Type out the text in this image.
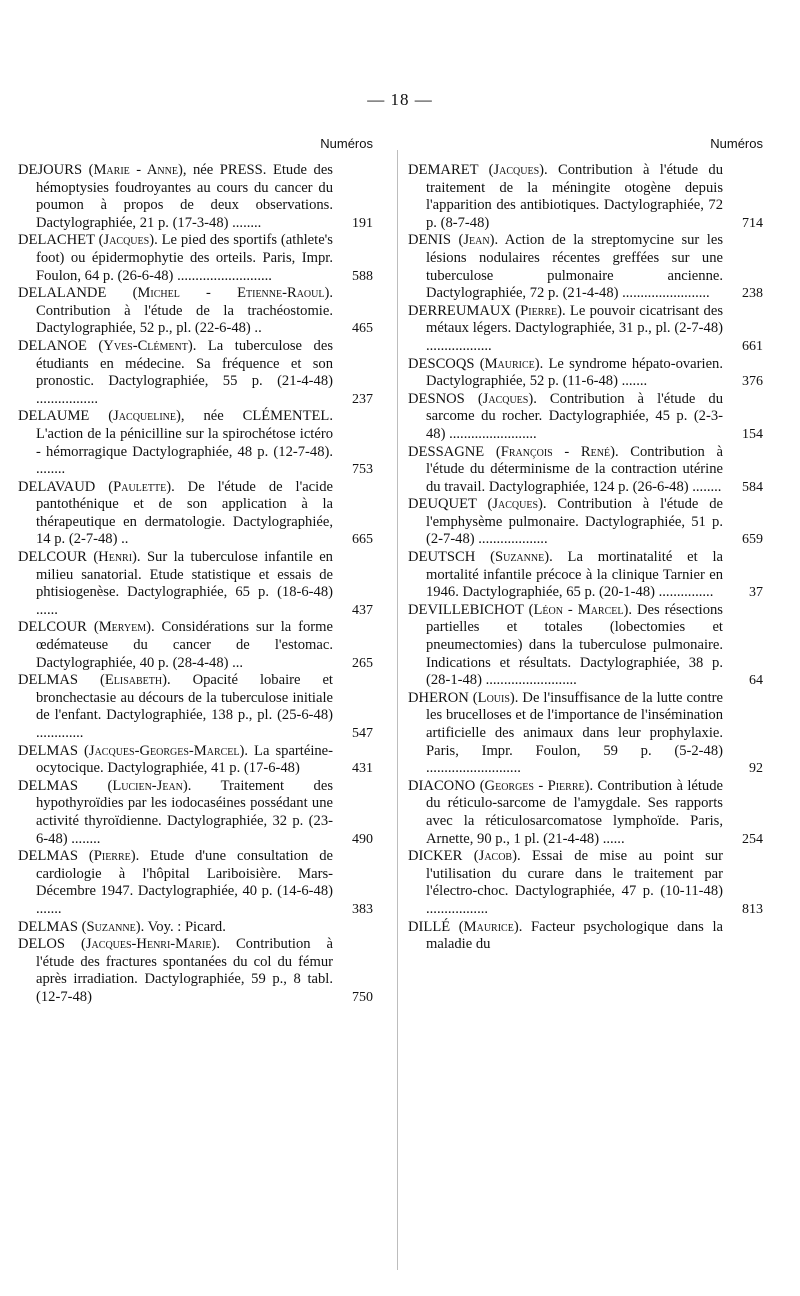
— 18 —
Numéros
DEJOURS (Marie - Anne), née PRESS. Etude des hémoptysies foudroyantes au cours du cancer du poumon à propos de deux observations. Dactylographiée, 21 p. (17-3-48) ........	191
DELACHET (Jacques). Le pied des sportifs (athlete's foot) ou épidermophytie des orteils. Paris, Impr. Foulon, 64 p. (26-6-48) ..........................	588
DELALANDE (Michel - Etienne-Raoul). Contribution à l'étude de la trachéostomie. Dactylographiée, 52 p., pl. (22-6-48) ..	465
DELANOE (Yves-Clément). La tuberculose des étudiants en médecine. Sa fréquence et son pronostic. Dactylographiée, 55 p. (21-4-48) .................	237
DELAUME (Jacqueline), née CLÉMENTEL. L'action de la pénicilline sur la spirochétose ictéro - hémorragique Dactylographiée, 48 p. (12-7-48). ........	753
DELAVAUD (Paulette). De l'étude de l'acide pantothénique et de son application à la thérapeutique en dermatologie. Dactylographiée, 14 p. (2-7-48) ..	665
DELCOUR (Henri). Sur la tuberculose infantile en milieu sanatorial. Etude statistique et essais de phtisiogenèse. Dactylographiée, 65 p. (18-6-48) ......	437
DELCOUR (Meryem). Considérations sur la forme œdémateuse du cancer de l'estomac. Dactylographiée, 40 p. (28-4-48) ...	265
DELMAS (Elisabeth). Opacité lobaire et bronchectasie au décours de la tuberculose initiale de l'enfant. Dactylographiée, 138 p., pl. (25-6-48) .............	547
DELMAS (Jacques-Georges-Marcel). La spartéine-ocytocique. Dactylographiée, 41 p. (17-6-48)	431
DELMAS (Lucien-Jean). Traitement des hypothyroïdies par les iodocaséines possédant une activité thyroïdienne. Dactylographiée, 32 p. (23-6-48) ........	490
DELMAS (Pierre). Etude d'une consultation de cardiologie à l'hôpital Lariboisière. Mars-Décembre 1947. Dactylographiée, 40 p. (14-6-48) .......	383
DELMAS (Suzanne). Voy. : Picard.
DELOS (Jacques-Henri-Marie). Contribution à l'étude des fractures spontanées du col du fémur après irradiation. Dactylographiée, 59 p., 8 tabl. (12-7-48)	750
Numéros
DEMARET (Jacques). Contribution à l'étude du traitement de la méningite otogène depuis l'apparition des antibiotiques. Dactylographiée, 72 p. (8-7-48)	714
DENIS (Jean). Action de la streptomycine sur les lésions nodulaires récentes greffées sur une tuberculose pulmonaire ancienne. Dactylographiée, 72 p. (21-4-48) ........................ 238
DERREUMAUX (Pierre). Le pouvoir cicatrisant des métaux légers. Dactylographiée, 31 p., pl. (2-7-48) ..................	661
DESCOQS (Maurice). Le syndrome hépato-ovarien. Dactylographiée, 52 p. (11-6-48) .......	376
DESNOS (Jacques). Contribution à l'étude du sarcome du rocher. Dactylographiée, 45 p. (2-3-48) ........................	154
DESSAGNE (François - René). Contribution à l'étude du déterminisme de la contraction utérine du travail. Dactylographiée, 124 p. (26-6-48) ........ 584
DEUQUET (Jacques). Contribution à l'étude de l'emphysème pulmonaire. Dactylographiée, 51 p. (2-7-48) ...................	659
DEUTSCH (Suzanne). La mortinatalité et la mortalité infantile précoce à la clinique Tarnier en 1946. Dactylographiée, 65 p. (20-1-48) ...............	37
DEVILLEBICHOT (Léon - Marcel). Des résections partielles et totales (lobectomies et pneumectomies) dans la tuberculose pulmonaire. Indications et résultats. Dactylographiée, 38 p. (28-1-48) .........................	64
DHERON (Louis). De l'insuffisance de la lutte contre les brucelloses et de l'importance de l'insémination artificielle des animaux dans leur prophylaxie. Paris, Impr. Foulon, 59 p. (5-2-48) ..........................	92
DIACONO (Georges - Pierre). Contribution à létude du réticulo-sarcome de l'amygdale. Ses rapports avec la réticulosarcomatose lymphoïde. Paris, Arnette, 90 p., 1 pl. (21-4-48) ......	254
DICKER (Jacob). Essai de mise au point sur l'utilisation du curare dans le traitement par l'électro-choc. Dactylographiée, 47 p. (10-11-48) .................	813
DILLÉ (Maurice). Facteur psychologique dans la maladie du
